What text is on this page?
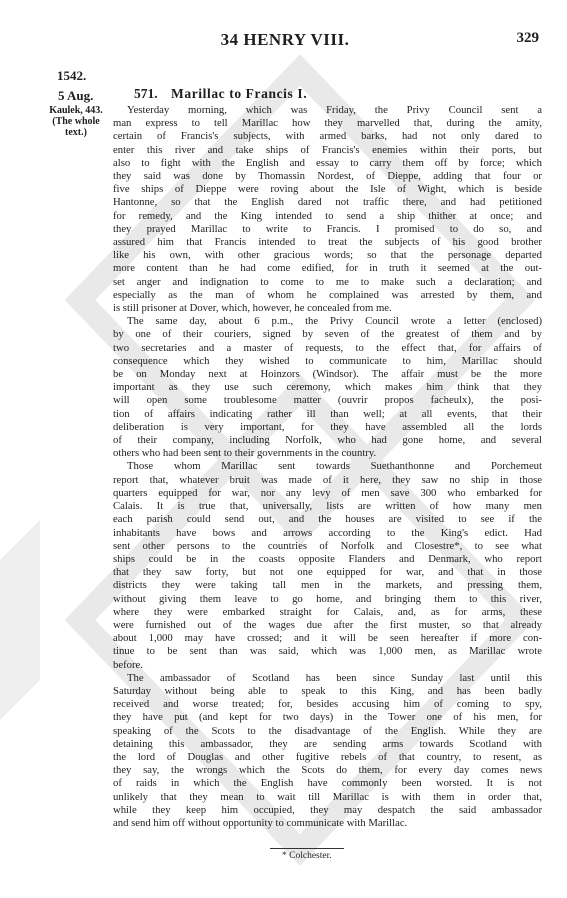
34 HENRY VIII.	329
1542.
5 Aug.
Kaulek, 443.
(The whole
text.)
571. Marillac to Francis I.

Yesterday morning, which was Friday, the Privy Council sent a
man express to tell Marillac how they marvelled that, during the amity,
certain of Francis's subjects, with armed barks, had not only dared to
enter this river and take ships of Francis's enemies within their ports, but
also to fight with the English and essay to carry them off by force; which
they said was done by Thomassin Nordest, of Dieppe, adding that four or
five ships of Dieppe were roving about the Isle of Wight, which is beside
Hantonne, so that the English dared not traffic there, and had petitioned
for remedy, and the King intended to send a ship thither at once; and
they prayed Marillac to write to Francis. I promised to do so, and
assured him that Francis intended to treat the subjects of his good brother
like his own, with other gracious words; so that the personage departed
more content than he had come edified, for in truth it seemed at the out-
set anger and indignation to come to me to make such a declaration; and
especially as the man of whom he complained was arrested by them, and
is still prisoner at Dover, which, however, he concealed from me.

The same day, about 6 p.m., the Privy Council wrote a letter (enclosed)
by one of their couriers, signed by seven of the greatest of them and by
two secretaries and a master of requests, to the effect that, for affairs of
consequence which they wished to communicate to him, Marillac should
be on Monday next at Hoinzors (Windsor). The affair must be the more
important as they use such ceremony, which makes him think that they
will open some troublesome matter (ouvrir propos facheulx), the posi-
tion of affairs indicating rather ill than well; at all events, that their
deliberation is very important, for they have assembled all the lords
of their company, including Norfolk, who had gone home, and several
others who had been sent to their governments in the country.

Those whom Marillac sent towards Suethanthonne and Porchemeut
report that, whatever bruit was made of it here, they saw no ship in those
quarters equipped for war, nor any levy of men save 300 who embarked for
Calais. It is true that, universally, lists are written of how many men
each parish could send out, and the houses are visited to see if the
inhabitants have bows and arrows according to the King's edict. Had
sent other persons to the countries of Norfolk and Closestre*, to see what
ships could be in the coasts opposite Flanders and Denmark, who report
that they saw forty, but not one equipped for war, and that in those
districts they were taking tall men in the markets, and pressing them,
without giving them leave to go home, and bringing them to this river,
where they were embarked straight for Calais, and, as for arms, these
were furnished out of the wages due after the first muster, so that already
about 1,000 may have crossed; and it will be seen hereafter if more con-
tinue to be sent than was said, which was 1,000 men, as Marillac wrote
before.

The ambassador of Scotland has been since Sunday last until this
Saturday without being able to speak to this King, and has been badly
received and worse treated; for, besides accusing him of coming to spy,
they have put (and kept for two days) in the Tower one of his men, for
speaking of the Scots to the disadvantage of the English. While they are
detaining this ambassador, they are sending arms towards Scotland with
the lord of Douglas and other fugitive rebels of that country, to resent, as
they say, the wrongs which the Scots do them, for every day comes news
of raids in which the English have commonly been worsted. It is not
unlikely that they mean to wait till Marillac is with them in order that,
while they keep him occupied, they may despatch the said ambassador
and send him off without opportunity to communicate with Marillac.

* Colchester.
